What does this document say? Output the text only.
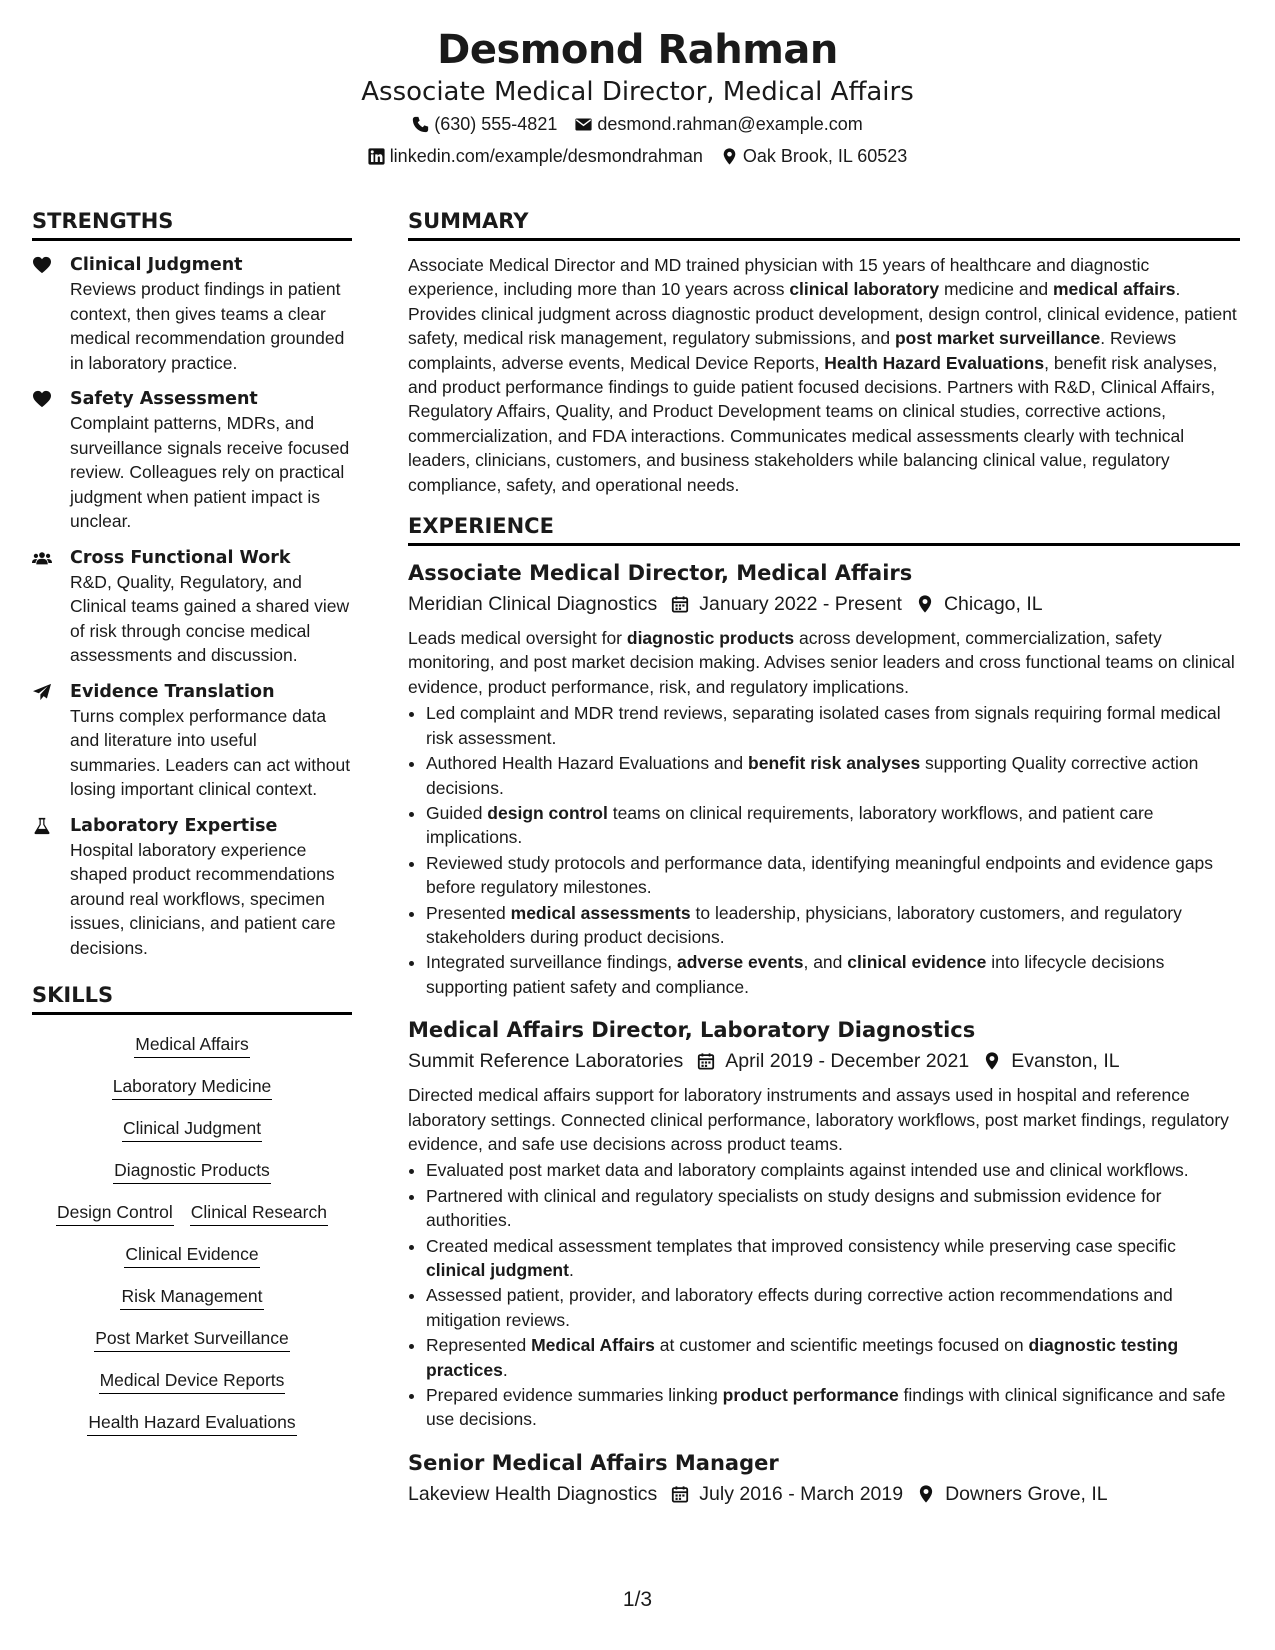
Desmond Rahman
Associate Medical Director, Medical Affairs
(630) 555-4821 desmond.rahman@example.com
linkedin.com/example/desmondrahman Oak Brook, IL 60523
STRENGTHS
Clinical Judgment
Reviews product findings in patient context, then gives teams a clear medical recommendation grounded in laboratory practice.
Safety Assessment
Complaint patterns, MDRs, and surveillance signals receive focused review. Colleagues rely on practical judgment when patient impact is unclear.
Cross Functional Work
R&D, Quality, Regulatory, and Clinical teams gained a shared view of risk through concise medical assessments and discussion.
Evidence Translation
Turns complex performance data and literature into useful summaries. Leaders can act without losing important clinical context.
Laboratory Expertise
Hospital laboratory experience shaped product recommendations around real workflows, specimen issues, clinicians, and patient care decisions.
SKILLS
Medical Affairs
Laboratory Medicine
Clinical Judgment
Diagnostic Products
Design Control Clinical Research
Clinical Evidence
Risk Management
Post Market Surveillance
Medical Device Reports
Health Hazard Evaluations
SUMMARY
Associate Medical Director and MD trained physician with 15 years of healthcare and diagnostic experience, including more than 10 years across clinical laboratory medicine and medical affairs. Provides clinical judgment across diagnostic product development, design control, clinical evidence, patient safety, medical risk management, regulatory submissions, and post market surveillance. Reviews complaints, adverse events, Medical Device Reports, Health Hazard Evaluations, benefit risk analyses, and product performance findings to guide patient focused decisions. Partners with R&D, Clinical Affairs, Regulatory Affairs, Quality, and Product Development teams on clinical studies, corrective actions, commercialization, and FDA interactions. Communicates medical assessments clearly with technical leaders, clinicians, customers, and business stakeholders while balancing clinical value, regulatory compliance, safety, and operational needs.
EXPERIENCE
Associate Medical Director, Medical Affairs
Meridian Clinical Diagnostics January 2022 - Present Chicago, IL
Leads medical oversight for diagnostic products across development, commercialization, safety monitoring, and post market decision making. Advises senior leaders and cross functional teams on clinical evidence, product performance, risk, and regulatory implications.
• Led complaint and MDR trend reviews, separating isolated cases from signals requiring formal medical risk assessment.
• Authored Health Hazard Evaluations and benefit risk analyses supporting Quality corrective action decisions.
• Guided design control teams on clinical requirements, laboratory workflows, and patient care implications.
• Reviewed study protocols and performance data, identifying meaningful endpoints and evidence gaps before regulatory milestones.
• Presented medical assessments to leadership, physicians, laboratory customers, and regulatory stakeholders during product decisions.
• Integrated surveillance findings, adverse events, and clinical evidence into lifecycle decisions supporting patient safety and compliance.
Medical Affairs Director, Laboratory Diagnostics
Summit Reference Laboratories April 2019 - December 2021 Evanston, IL
Directed medical affairs support for laboratory instruments and assays used in hospital and reference laboratory settings. Connected clinical performance, laboratory workflows, post market findings, regulatory evidence, and safe use decisions across product teams.
• Evaluated post market data and laboratory complaints against intended use and clinical workflows.
• Partnered with clinical and regulatory specialists on study designs and submission evidence for authorities.
• Created medical assessment templates that improved consistency while preserving case specific clinical judgment.
• Assessed patient, provider, and laboratory effects during corrective action recommendations and mitigation reviews.
• Represented Medical Affairs at customer and scientific meetings focused on diagnostic testing practices.
• Prepared evidence summaries linking product performance findings with clinical significance and safe use decisions.
Senior Medical Affairs Manager
Lakeview Health Diagnostics July 2016 - March 2019 Downers Grove, IL
1/3
